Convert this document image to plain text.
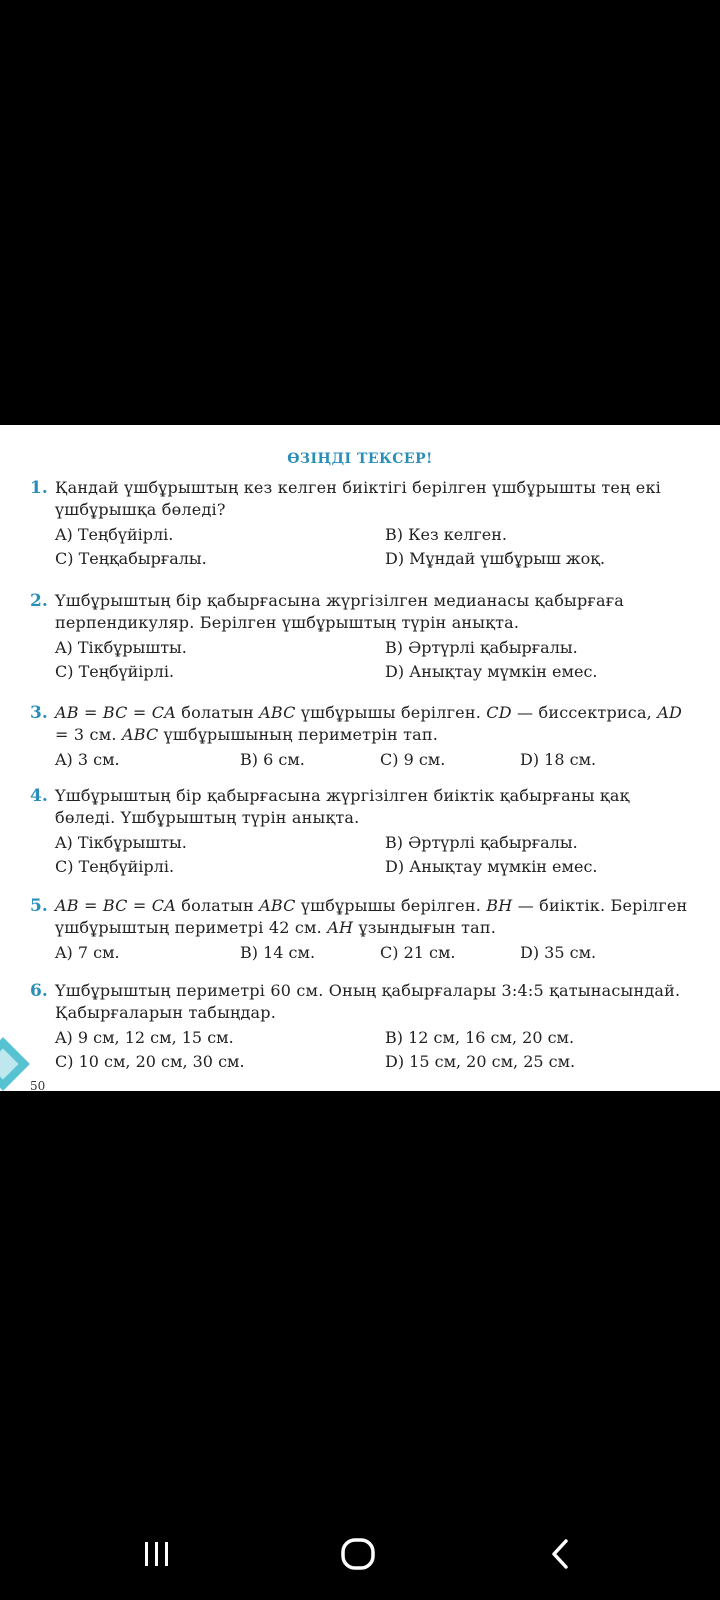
ӨЗІҢДІ ТЕКСЕР!
1. Қандай үшбұрыштың кез келген биіктігі берілген үшбұрышты тең екі үшбұрышқа бөледі?

A) Теңбүйірлі.	B) Кез келген.
C) Теңқабырғалы.	D) Мұндай үшбұрыш жоқ.
2. Үшбұрыштың бір қабырғасына жүргізілген медианасы қабырғаға перпендикуляр. Берілген үшбұрыштың түрін анықта.

A) Тікбұрышты.	B) Әртүрлі қабырғалы.
C) Теңбүйірлі.	D) Анықтау мүмкін емес.
3. AB = BC = CA болатын ABC үшбұрышы берілген. CD — биссектриса, AD = 3 см. ABC үшбұрышының периметрін тап.

A) 3 см.	B) 6 см.	C) 9 см.	D) 18 см.
4. Үшбұрыштың бір қабырғасына жүргізілген биіктік қабырғаны қақ бөледі. Үшбұрыштың түрін анықта.

A) Тікбұрышты.	B) Әртүрлі қабырғалы.
C) Теңбүйірлі.	D) Анықтау мүмкін емес.
5. AB = BC = CA болатын ABC үшбұрышы берілген. BH — биіктік. Берілген үшбұрыштың периметрі 42 см. AH ұзындығын тап.

A) 7 см.	B) 14 см.	C) 21 см.	D) 35 см.
6. Үшбұрыштың периметрі 60 см. Оның қабырғалары 3:4:5 қатынасындай. Қабырғаларын табыңдар.

A) 9 см, 12 см, 15 см.	B) 12 см, 16 см, 20 см.
C) 10 см, 20 см, 30 см.	D) 15 см, 20 см, 25 см.
50
